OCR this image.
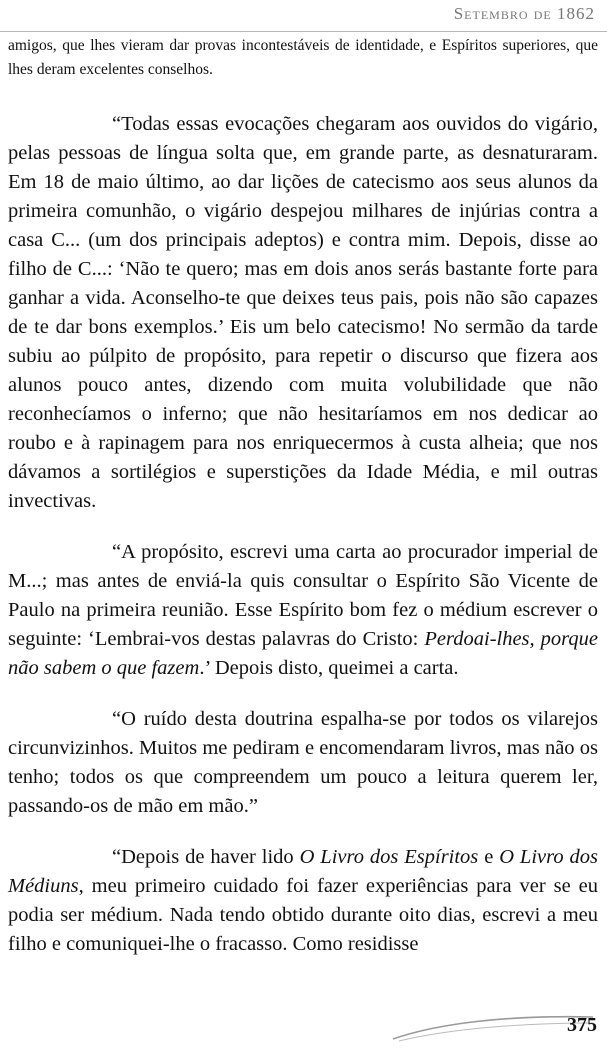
Setembro de 1862

amigos, que lhes vieram dar provas incontestáveis de identidade, e Espíritos superiores, que lhes deram excelentes conselhos.

“Todas essas evocações chegaram aos ouvidos do vigário, pelas pessoas de língua solta que, em grande parte, as desnaturaram. Em 18 de maio último, ao dar lições de catecismo aos seus alunos da primeira comunhão, o vigário despejou milhares de injúrias contra a casa C... (um dos principais adeptos) e contra mim. Depois, disse ao filho de C...: ‘Não te quero; mas em dois anos serás bastante forte para ganhar a vida. Aconselho-te que deixes teus pais, pois não são capazes de te dar bons exemplos.’ Eis um belo catecismo! No sermão da tarde subiu ao púlpito de propósito, para repetir o discurso que fizera aos alunos pouco antes, dizendo com muita volubilidade que não reconhecíamos o inferno; que não hesitaríamos em nos dedicar ao roubo e à rapinagem para nos enriquecermos à custa alheia; que nos dávamos a sortilégios e superstições da Idade Média, e mil outras invectivas.

“A propósito, escrevi uma carta ao procurador imperial de M...; mas antes de enviá-la quis consultar o Espírito São Vicente de Paulo na primeira reunião. Esse Espírito bom fez o médium escrever o seguinte: ‘Lembrai-vos destas palavras do Cristo: Perdoai-lhes, porque não sabem o que fazem.’ Depois disto, queimei a carta.

“O ruído desta doutrina espalha-se por todos os vilarejos circunvizinhos. Muitos me pediram e encomendaram livros, mas não os tenho; todos os que compreendem um pouco a leitura querem ler, passando-os de mão em mão.”

“Depois de haver lido O Livro dos Espíritos e O Livro dos Médiuns, meu primeiro cuidado foi fazer experiências para ver se eu podia ser médium. Nada tendo obtido durante oito dias, escrevi a meu filho e comuniquei-lhe o fracasso. Como residisse

375
